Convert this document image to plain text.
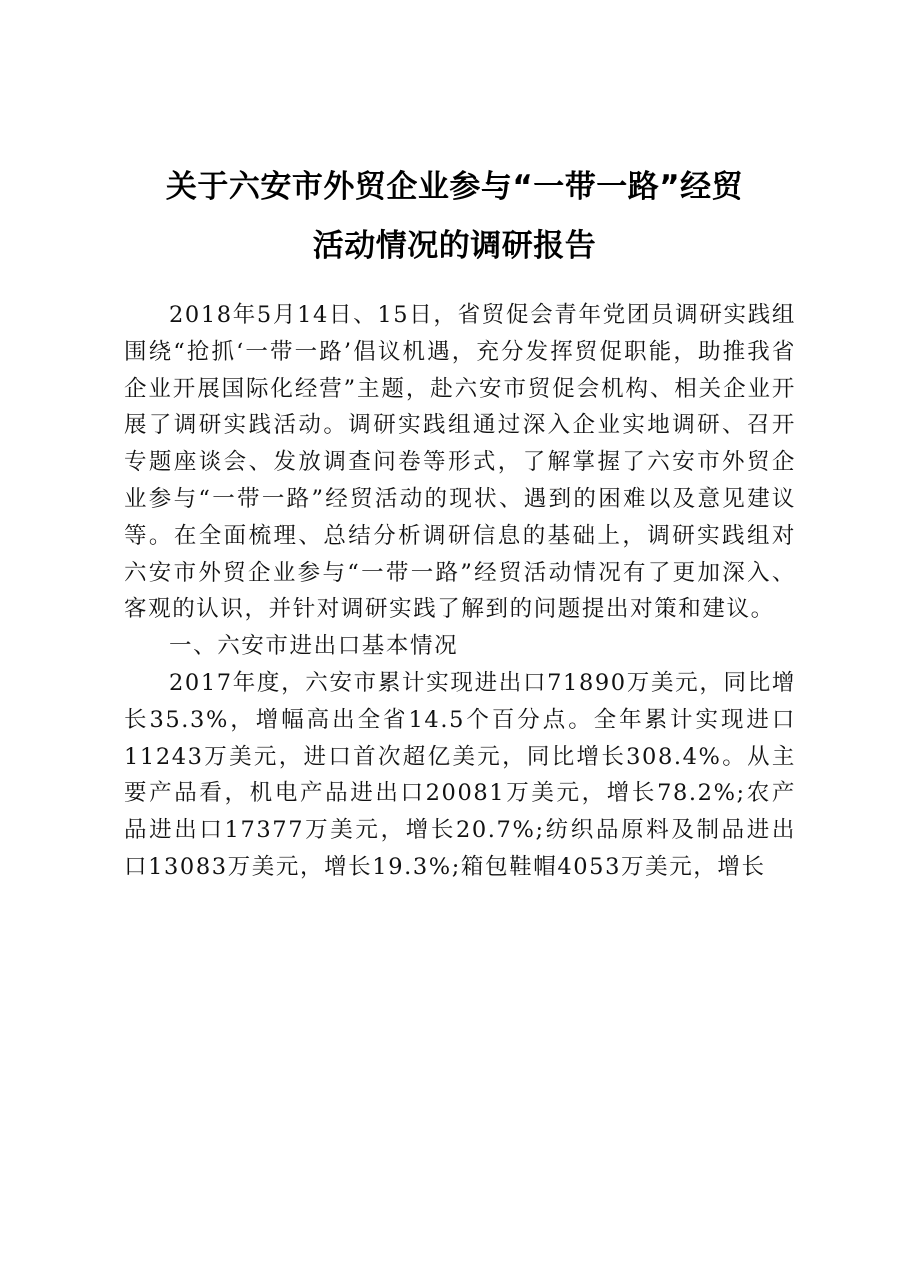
关于六安市外贸企业参与“一带一路”经贸
活动情况的调研报告

2018年5月14日、15日，省贸促会青年党团员调研实践组围绕“抢抓‘一带一路’倡议机遇，充分发挥贸促职能，助推我省企业开展国际化经营”主题，赴六安市贸促会机构、相关企业开展了调研实践活动。调研实践组通过深入企业实地调研、召开专题座谈会、发放调查问卷等形式，了解掌握了六安市外贸企业参与“一带一路”经贸活动的现状、遇到的困难以及意见建议等。在全面梳理、总结分析调研信息的基础上，调研实践组对六安市外贸企业参与“一带一路”经贸活动情况有了更加深入、客观的认识，并针对调研实践了解到的问题提出对策和建议。

一、六安市进出口基本情况

2017年度，六安市累计实现进出口71890万美元，同比增长35.3%，增幅高出全省14.5个百分点。全年累计实现进口11243万美元，进口首次超亿美元，同比增长308.4%。从主要产品看，机电产品进出口20081万美元，增长78.2%;农产品进出口17377万美元，增长20.7%;纺织品原料及制品进出口13083万美元，增长19.3%;箱包鞋帽4053万美元，增长
